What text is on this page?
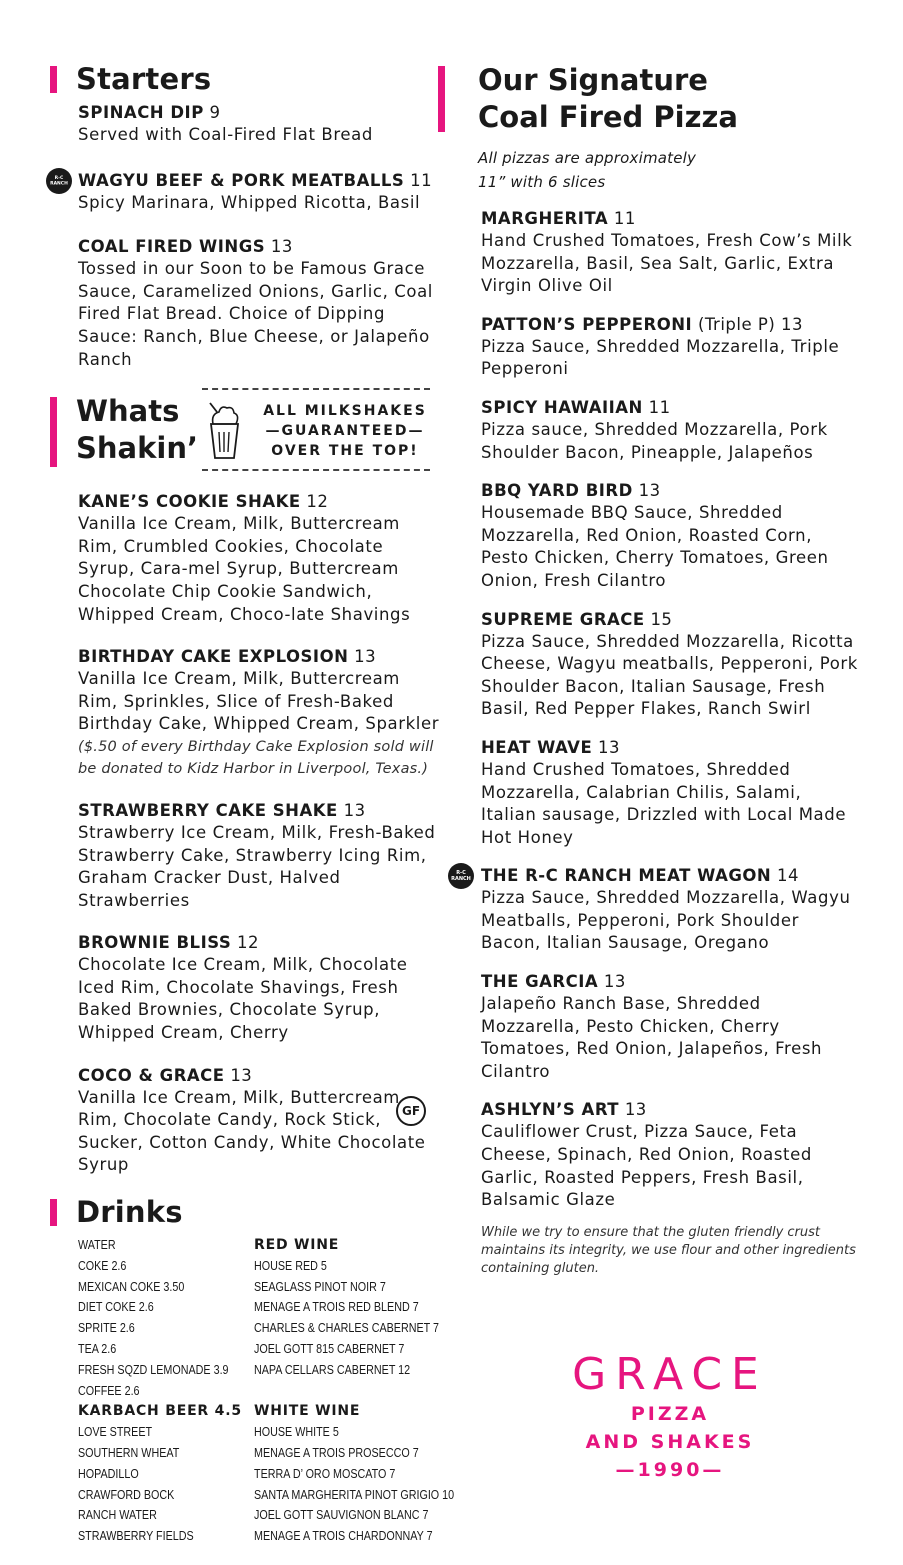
Starters
SPINACH DIP 9
Served with Coal-Fired Flat Bread
R-C RANCH WAGYU BEEF & PORK MEATBALLS 11
Spicy Marinara, Whipped Ricotta, Basil
COAL FIRED WINGS 13
Tossed in our Soon to be Famous Grace Sauce, Caramelized Onions, Garlic, Coal Fired Flat Bread. Choice of Dipping Sauce: Ranch, Blue Cheese, or Jalapeño Ranch
Whats
Shakin’
ALL MILKSHAKES
—GUARANTEED—
OVER THE TOP!
KANE’S COOKIE SHAKE 12
Vanilla Ice Cream, Milk, Buttercream Rim, Crumbled Cookies, Chocolate Syrup, Cara-mel Syrup, Buttercream Chocolate Chip Cookie Sandwich, Whipped Cream, Choco-late Shavings
BIRTHDAY CAKE EXPLOSION 13
Vanilla Ice Cream, Milk, Buttercream Rim, Sprinkles, Slice of Fresh-Baked Birthday Cake, Whipped Cream, Sparkler
($.50 of every Birthday Cake Explosion sold will be donated to Kidz Harbor in Liverpool, Texas.)
STRAWBERRY CAKE SHAKE 13
Strawberry Ice Cream, Milk, Fresh-Baked Strawberry Cake, Strawberry Icing Rim, Graham Cracker Dust, Halved Strawberries
BROWNIE BLISS 12
Chocolate Ice Cream, Milk, Chocolate Iced Rim, Chocolate Shavings, Fresh Baked Brownies, Chocolate Syrup, Whipped Cream, Cherry
COCO & GRACE 13
Vanilla Ice Cream, Milk, Buttercream Rim, Chocolate Candy, Rock Stick, Sucker, Cotton Candy, White Chocolate Syrup
Drinks
WATER
COKE 2.6
MEXICAN COKE 3.50
DIET COKE 2.6
SPRITE 2.6
TEA 2.6
FRESH SQZD LEMONADE 3.9
COFFEE 2.6
KARBACH BEER 4.5
LOVE STREET
SOUTHERN WHEAT
HOPADILLO
CRAWFORD BOCK
RANCH WATER
STRAWBERRY FIELDS
RED WINE
HOUSE RED 5
SEAGLASS PINOT NOIR 7
MENAGE A TROIS RED BLEND 7
CHARLES & CHARLES CABERNET 7
JOEL GOTT 815 CABERNET 7
NAPA CELLARS CABERNET 12

WHITE WINE
HOUSE WHITE 5
MENAGE A TROIS PROSECCO 7
TERRA D’ ORO MOSCATO 7
SANTA MARGHERITA PINOT GRIGIO 10
JOEL GOTT SAUVIGNON BLANC 7
MENAGE A TROIS CHARDONNAY 7
Our Signature
Coal Fired Pizza
All pizzas are approximately
11” with 6 slices
MARGHERITA 11
Hand Crushed Tomatoes, Fresh Cow’s Milk Mozzarella, Basil, Sea Salt, Garlic, Extra Virgin Olive Oil
PATTON’S PEPPERONI (Triple P) 13
Pizza Sauce, Shredded Mozzarella, Triple Pepperoni
SPICY HAWAIIAN 11
Pizza sauce, Shredded Mozzarella, Pork Shoulder Bacon, Pineapple, Jalapeños
BBQ YARD BIRD 13
Housemade BBQ Sauce, Shredded Mozzarella, Red Onion, Roasted Corn, Pesto Chicken, Cherry Tomatoes, Green Onion, Fresh Cilantro
SUPREME GRACE 15
Pizza Sauce, Shredded Mozzarella, Ricotta Cheese, Wagyu meatballs, Pepperoni, Pork Shoulder Bacon, Italian Sausage, Fresh Basil, Red Pepper Flakes, Ranch Swirl
HEAT WAVE 13
Hand Crushed Tomatoes, Shredded Mozzarella, Calabrian Chilis, Salami, Italian sausage, Drizzled with Local Made Hot Honey
R-C RANCH THE R-C RANCH MEAT WAGON 14
Pizza Sauce, Shredded Mozzarella, Wagyu Meatballs, Pepperoni, Pork Shoulder Bacon, Italian Sausage, Oregano
THE GARCIA 13
Jalapeño Ranch Base, Shredded Mozzarella, Pesto Chicken, Cherry Tomatoes, Red Onion, Jalapeños, Fresh Cilantro
GF	ASHLYN’S ART 13
Cauliflower Crust, Pizza Sauce, Feta Cheese, Spinach, Red Onion, Roasted Garlic, Roasted Peppers, Fresh Basil, Balsamic Glaze
While we try to ensure that the gluten friendly crust maintains its integrity, we use flour and other ingredients containing gluten.
GRACE
PIZZA
AND SHAKES
—1990—
